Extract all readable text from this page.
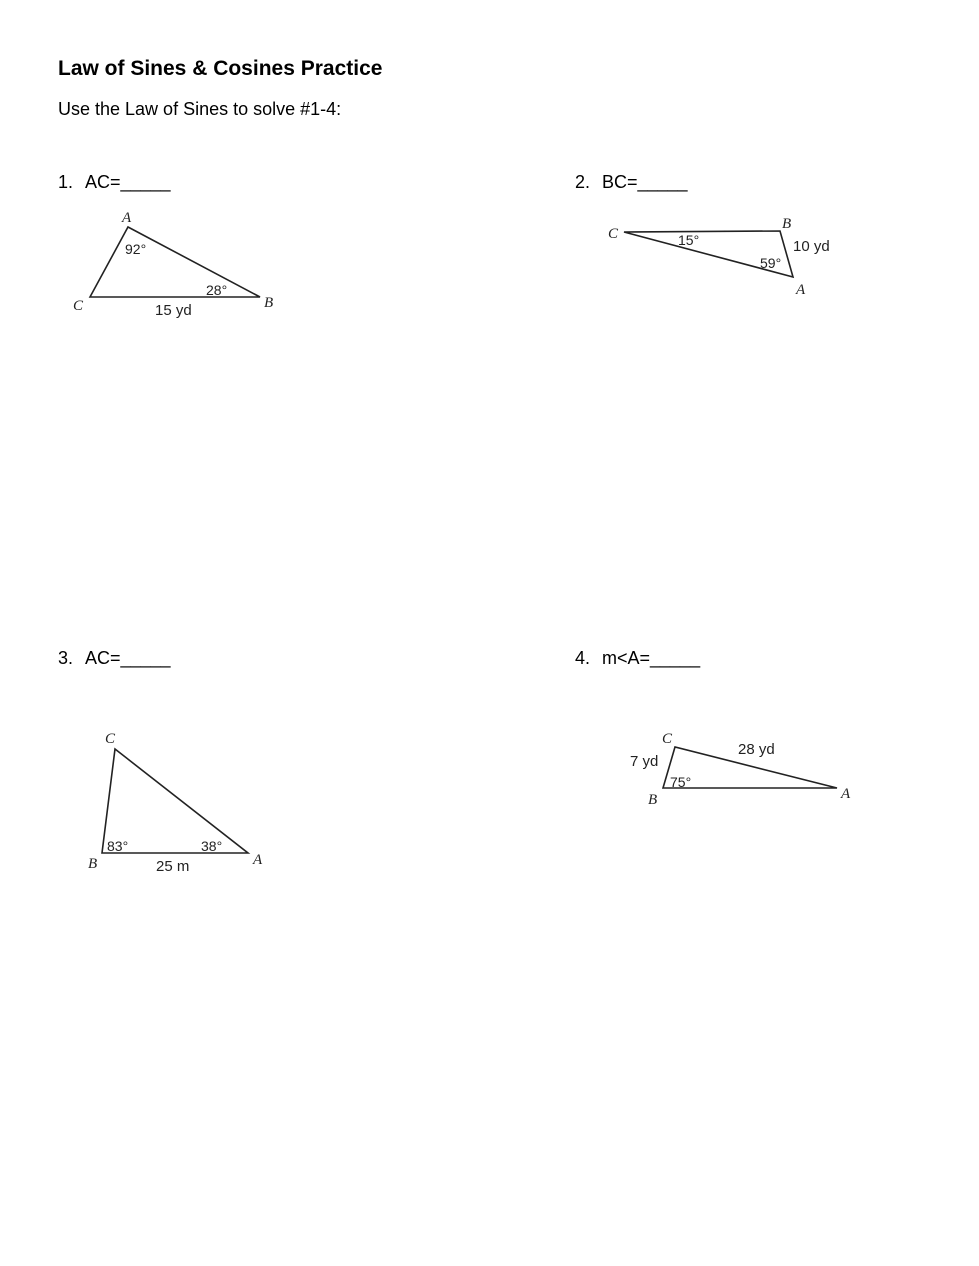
Law of Sines & Cosines Practice

Use the Law of Sines to solve #1-4:

1. AC=_____

A
C	B
92°
28°
15 yd

2. BC=_____

C
B
A
15°
59°
10 yd

3. AC=_____

C
B	A
83°	38°
25 m

4. m<A=_____

C
B	A
75°
7 yd
28 yd
